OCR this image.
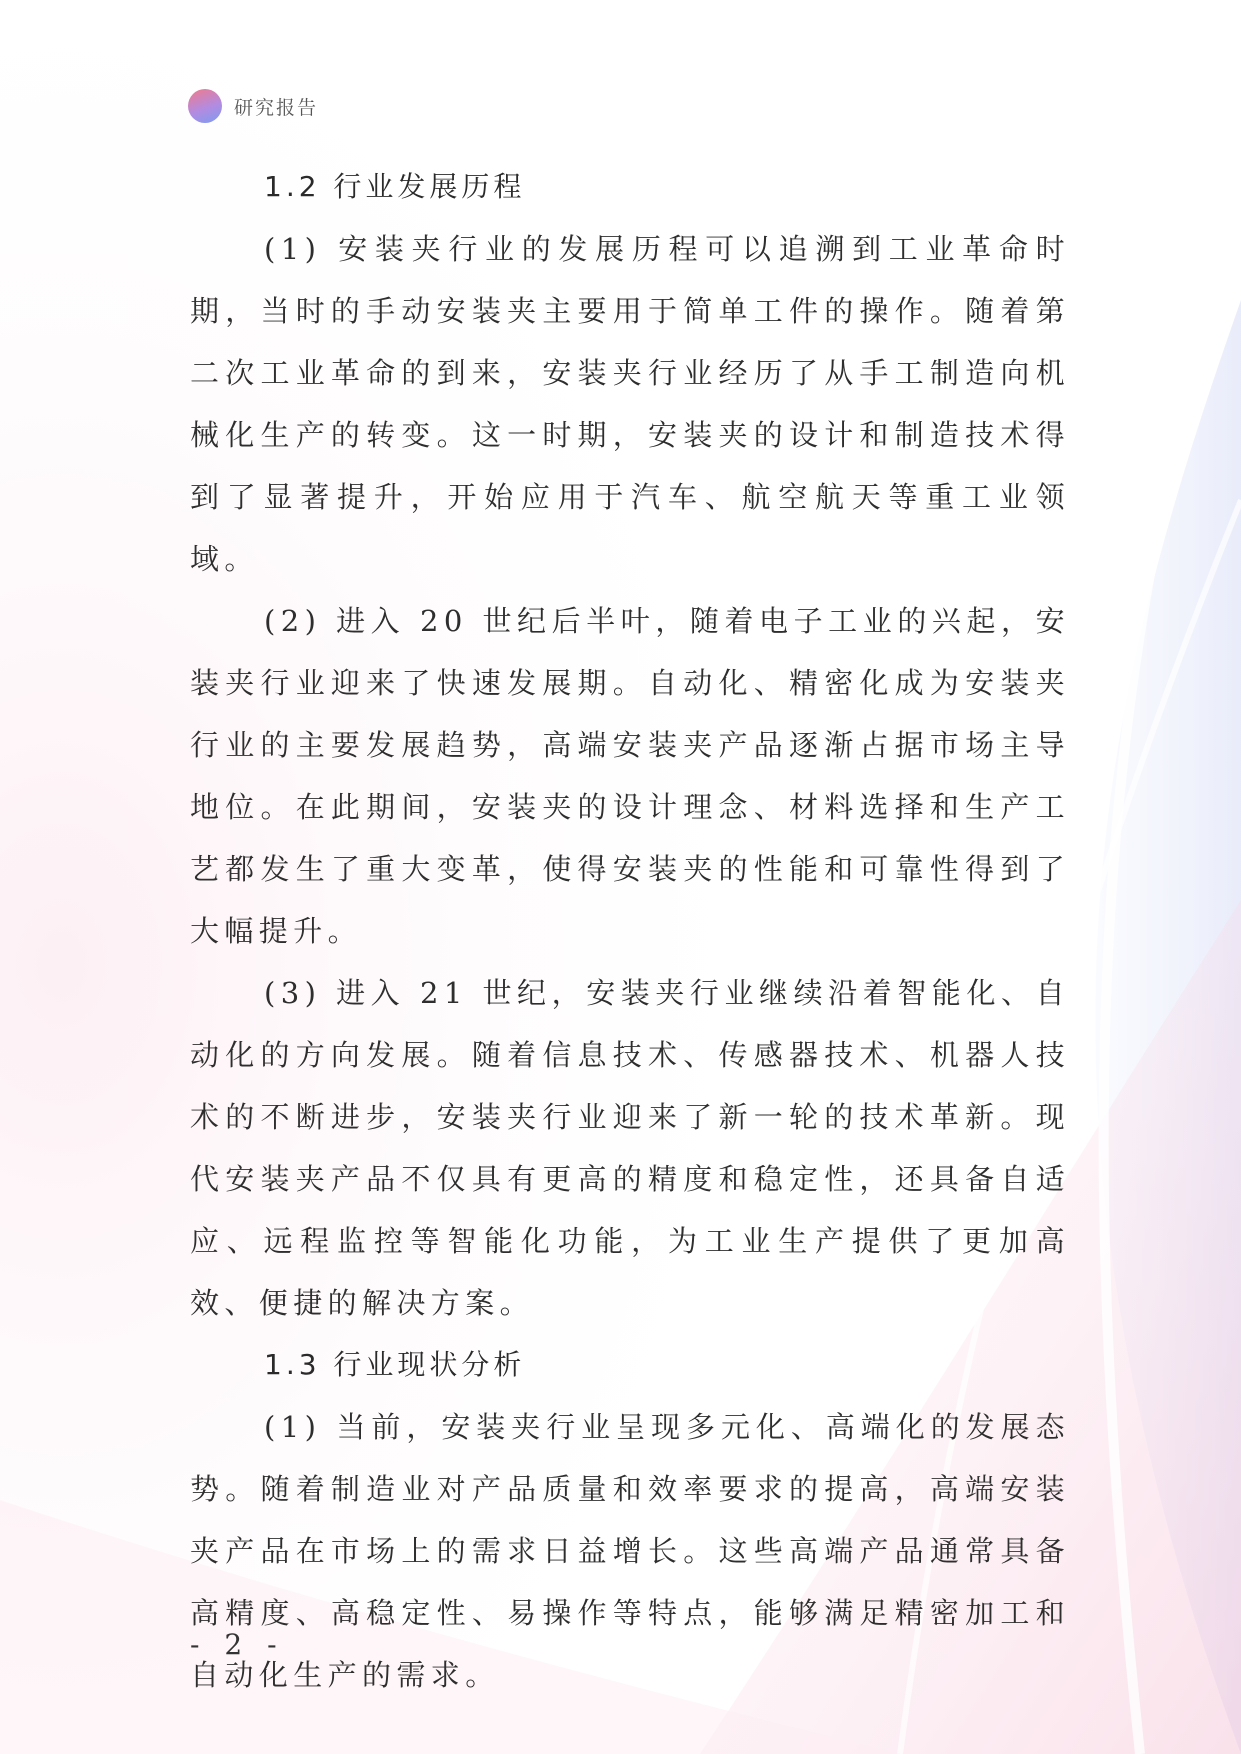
研究报告
1.2 行业发展历程

(1) 安装夹行业的发展历程可以追溯到工业革命时期，当时的手动安装夹主要用于简单工件的操作。随着第二次工业革命的到来，安装夹行业经历了从手工制造向机械化生产的转变。这一时期，安装夹的设计和制造技术得到了显著提升，开始应用于汽车、航空航天等重工业领域。

(2) 进入 20 世纪后半叶，随着电子工业的兴起，安装夹行业迎来了快速发展期。自动化、精密化成为安装夹行业的主要发展趋势，高端安装夹产品逐渐占据市场主导地位。在此期间，安装夹的设计理念、材料选择和生产工艺都发生了重大变革，使得安装夹的性能和可靠性得到了大幅提升。

(3) 进入 21 世纪，安装夹行业继续沿着智能化、自动化的方向发展。随着信息技术、传感器技术、机器人技术的不断进步，安装夹行业迎来了新一轮的技术革新。现代安装夹产品不仅具有更高的精度和稳定性，还具备自适应、远程监控等智能化功能，为工业生产提供了更加高效、便捷的解决方案。

1.3 行业现状分析

(1) 当前，安装夹行业呈现多元化、高端化的发展态势。随着制造业对产品质量和效率要求的提高，高端安装夹产品在市场上的需求日益增长。这些高端产品通常具备高精度、高稳定性、易操作等特点，能够满足精密加工和自动化生产的需求。

- 2 -
